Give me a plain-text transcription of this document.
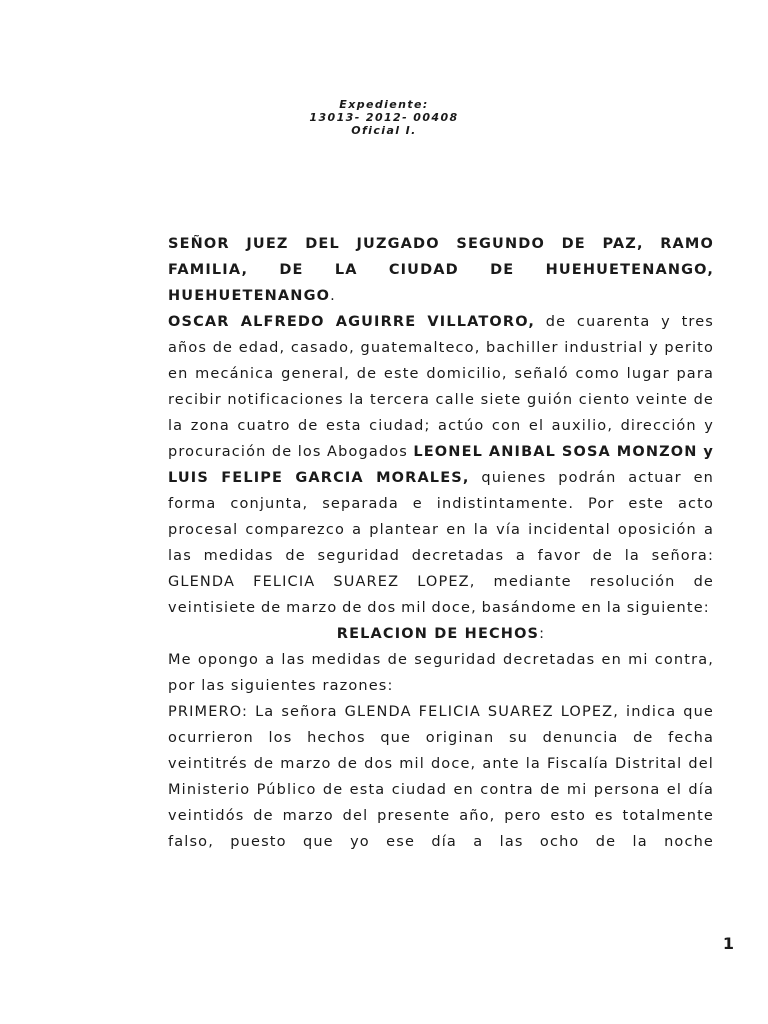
Expediente:
13013- 2012- 00408
Oficial I.

SEÑOR JUEZ DEL JUZGADO SEGUNDO DE PAZ, RAMO FAMILIA, DE LA CIUDAD DE HUEHUETENANGO, HUEHUETENANGO.

OSCAR ALFREDO AGUIRRE VILLATORO, de cuarenta y tres años de edad, casado, guatemalteco, bachiller industrial y perito en mecánica general, de este domicilio, señaló como lugar para recibir notificaciones la tercera calle siete guión ciento veinte de la zona cuatro de esta ciudad; actúo con el auxilio, dirección y procuración de los Abogados LEONEL ANIBAL SOSA MONZON y LUIS FELIPE GARCIA MORALES, quienes podrán actuar en forma conjunta, separada e indistintamente. Por este acto procesal comparezco a plantear en la vía incidental oposición a las medidas de seguridad decretadas a favor de la señora: GLENDA FELICIA SUAREZ LOPEZ, mediante resolución de veintisiete de marzo de dos mil doce, basándome en la siguiente:

RELACION DE HECHOS:

Me opongo a las medidas de seguridad decretadas en mi contra, por las siguientes razones:

PRIMERO: La señora GLENDA FELICIA SUAREZ LOPEZ, indica que ocurrieron los hechos que originan su denuncia de fecha veintitrés de marzo de dos mil doce, ante la Fiscalía Distrital del Ministerio Público de esta ciudad en contra de mi persona el día veintidós de marzo del presente año, pero esto es totalmente falso, puesto que yo ese día a las ocho de la noche

1
